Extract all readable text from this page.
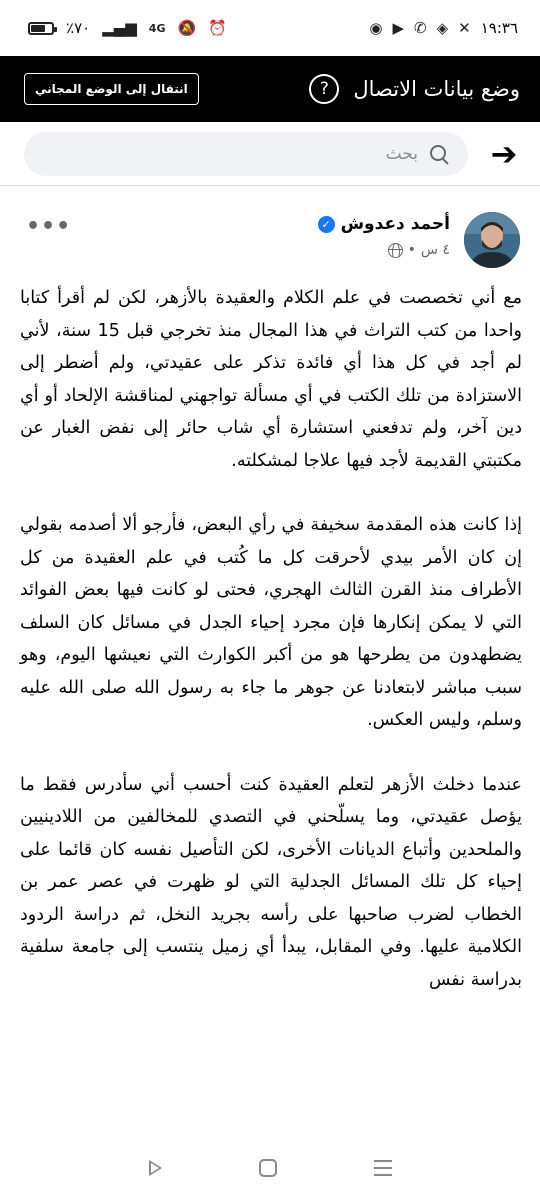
٪٧٠ ▂▄▆ 4G 🔕 ⏰	◉ ▶ ✆ ◈ ✕ ١٩:٣٦
انتقال إلى الوضع المجاني	?	وضع بيانات الاتصال
بحث
➔
•••	أحمد دعدوش
✓
٤ س
•

مع أني تخصصت في علم الكلام والعقيدة بالأزهر، لكن لم أقرأ كتابا واحدا من كتب التراث في هذا المجال منذ تخرجي قبل 15 سنة، لأني لم أجد في كل هذا أي فائدة تذكر على عقيدتي، ولم أضطر إلى الاستزادة من تلك الكتب في أي مسألة تواجهني لمناقشة الإلحاد أو أي دين آخر، ولم تدفعني استشارة أي شاب حائر إلى نفض الغبار عن مكتبتي القديمة لأجد فيها علاجا لمشكلته.

إذا كانت هذه المقدمة سخيفة في رأي البعض، فأرجو ألا أصدمه بقولي إن كان الأمر بيدي لأحرقت كل ما كُتب في علم العقيدة من كل الأطراف منذ القرن الثالث الهجري، فحتى لو كانت فيها بعض الفوائد التي لا يمكن إنكارها فإن مجرد إحياء الجدل في مسائل كان السلف يضطهدون من يطرحها هو من أكبر الكوارث التي نعيشها اليوم، وهو سبب مباشر لابتعادنا عن جوهر ما جاء به رسول الله صلى الله عليه وسلم، وليس العكس.

عندما دخلث الأزهر لتعلم العقيدة كنت أحسب أني سأدرس فقط ما يؤصل عقيدتي، وما يسلّحني في التصدي للمخالفين من اللادينيين والملحدين وأتباع الديانات الأخرى، لكن التأصيل نفسه كان قائما على إحياء كل تلك المسائل الجدلية التي لو ظهرت في عصر عمر بن الخطاب لضرب صاحبها على رأسه بجريد النخل، ثم دراسة الردود الكلامية عليها. وفي المقابل، يبدأ أي زميل ينتسب إلى جامعة سلفية بدراسة نفس
